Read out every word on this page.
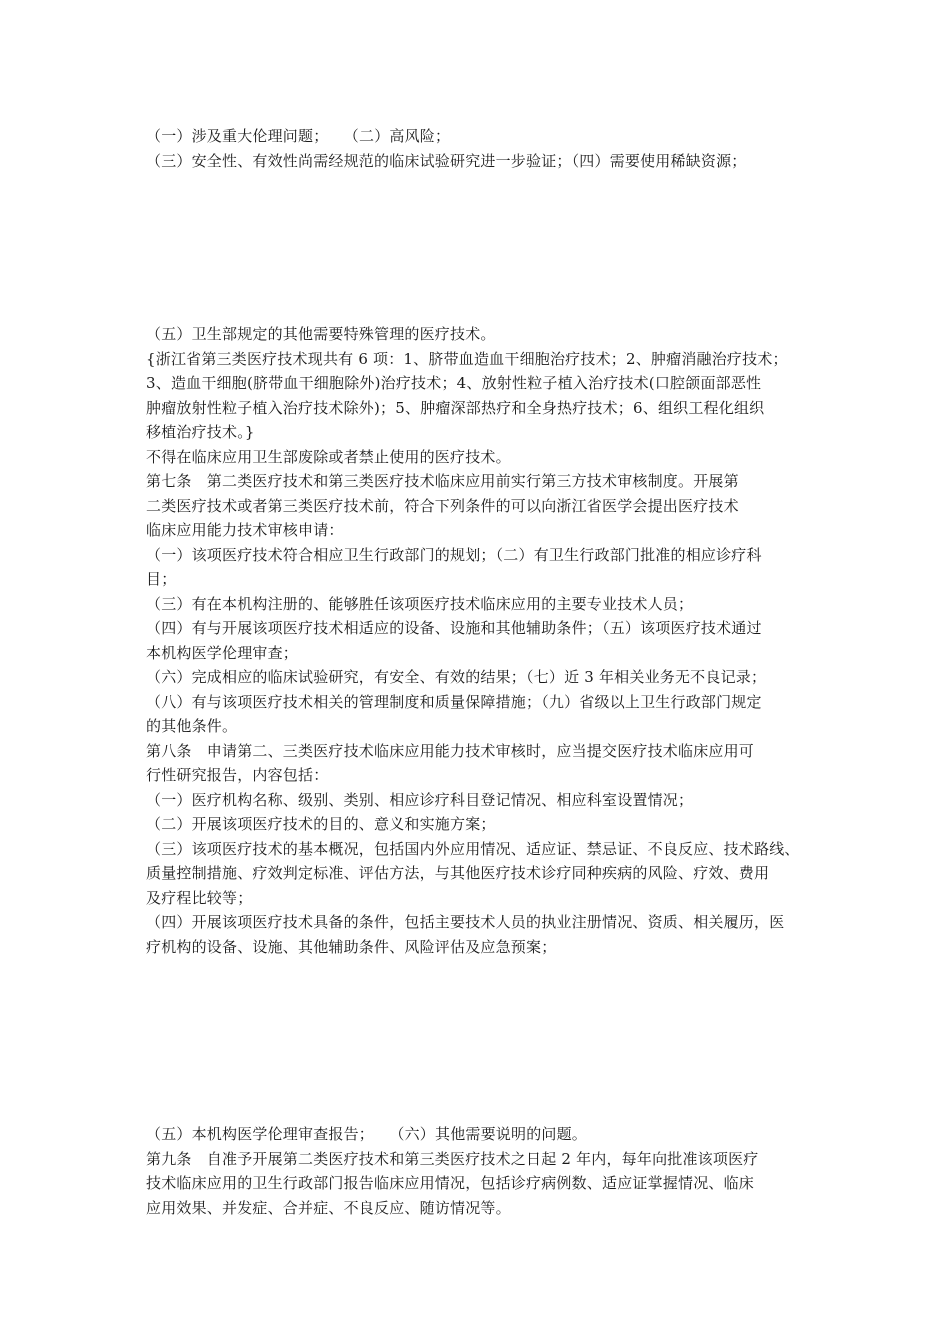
（一）涉及重大伦理问题；　　（二）高风险；
（三）安全性、有效性尚需经规范的临床试验研究进一步验证；（四）需要使用稀缺资源；
（五）卫生部规定的其他需要特殊管理的医疗技术。
{浙江省第三类医疗技术现共有 6 项：1、脐带血造血干细胞治疗技术；2、肿瘤消融治疗技术；
3、造血干细胞(脐带血干细胞除外)治疗技术；4、放射性粒子植入治疗技术(口腔颌面部恶性
肿瘤放射性粒子植入治疗技术除外)；5、肿瘤深部热疗和全身热疗技术；6、组织工程化组织
移植治疗技术。}
不得在临床应用卫生部废除或者禁止使用的医疗技术。
第七条　第二类医疗技术和第三类医疗技术临床应用前实行第三方技术审核制度。开展第
二类医疗技术或者第三类医疗技术前，符合下列条件的可以向浙江省医学会提出医疗技术
临床应用能力技术审核申请：
（一）该项医疗技术符合相应卫生行政部门的规划；（二）有卫生行政部门批准的相应诊疗科
目；
（三）有在本机构注册的、能够胜任该项医疗技术临床应用的主要专业技术人员；
（四）有与开展该项医疗技术相适应的设备、设施和其他辅助条件；（五）该项医疗技术通过
本机构医学伦理审查；
（六）完成相应的临床试验研究，有安全、有效的结果；（七）近 3 年相关业务无不良记录；
（八）有与该项医疗技术相关的管理制度和质量保障措施；（九）省级以上卫生行政部门规定
的其他条件。
第八条　申请第二、三类医疗技术临床应用能力技术审核时，应当提交医疗技术临床应用可
行性研究报告，内容包括：
（一）医疗机构名称、级别、类别、相应诊疗科目登记情况、相应科室设置情况；
（二）开展该项医疗技术的目的、意义和实施方案；
（三）该项医疗技术的基本概况，包括国内外应用情况、适应证、禁忌证、不良反应、技术路线、
质量控制措施、疗效判定标准、评估方法，与其他医疗技术诊疗同种疾病的风险、疗效、费用
及疗程比较等；
（四）开展该项医疗技术具备的条件，包括主要技术人员的执业注册情况、资质、相关履历，医
疗机构的设备、设施、其他辅助条件、风险评估及应急预案；
（五）本机构医学伦理审查报告；　　（六）其他需要说明的问题。
第九条　自准予开展第二类医疗技术和第三类医疗技术之日起 2 年内，每年向批准该项医疗
技术临床应用的卫生行政部门报告临床应用情况，包括诊疗病例数、适应证掌握情况、临床
应用效果、并发症、合并症、不良反应、随访情况等。
